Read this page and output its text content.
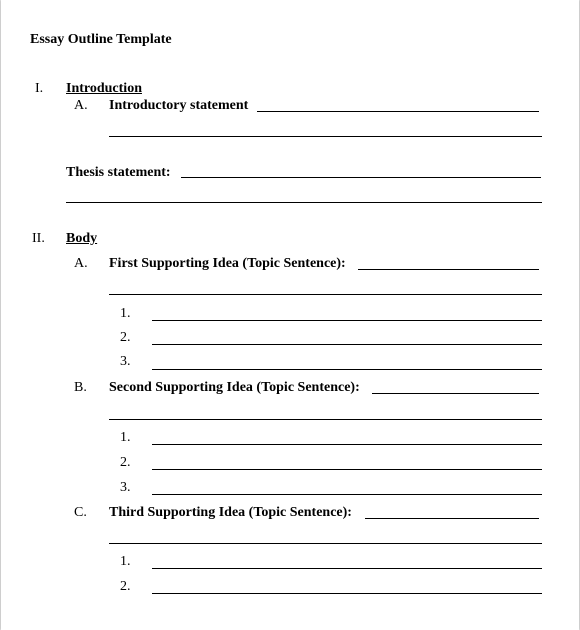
Essay Outline Template
I. Introduction
A. Introductory statement
Thesis statement:
II. Body
A. First Supporting Idea (Topic Sentence):
1.
2.
3.
B. Second Supporting Idea (Topic Sentence):
1.
2.
3.
C. Third Supporting Idea (Topic Sentence):
1.
2.
